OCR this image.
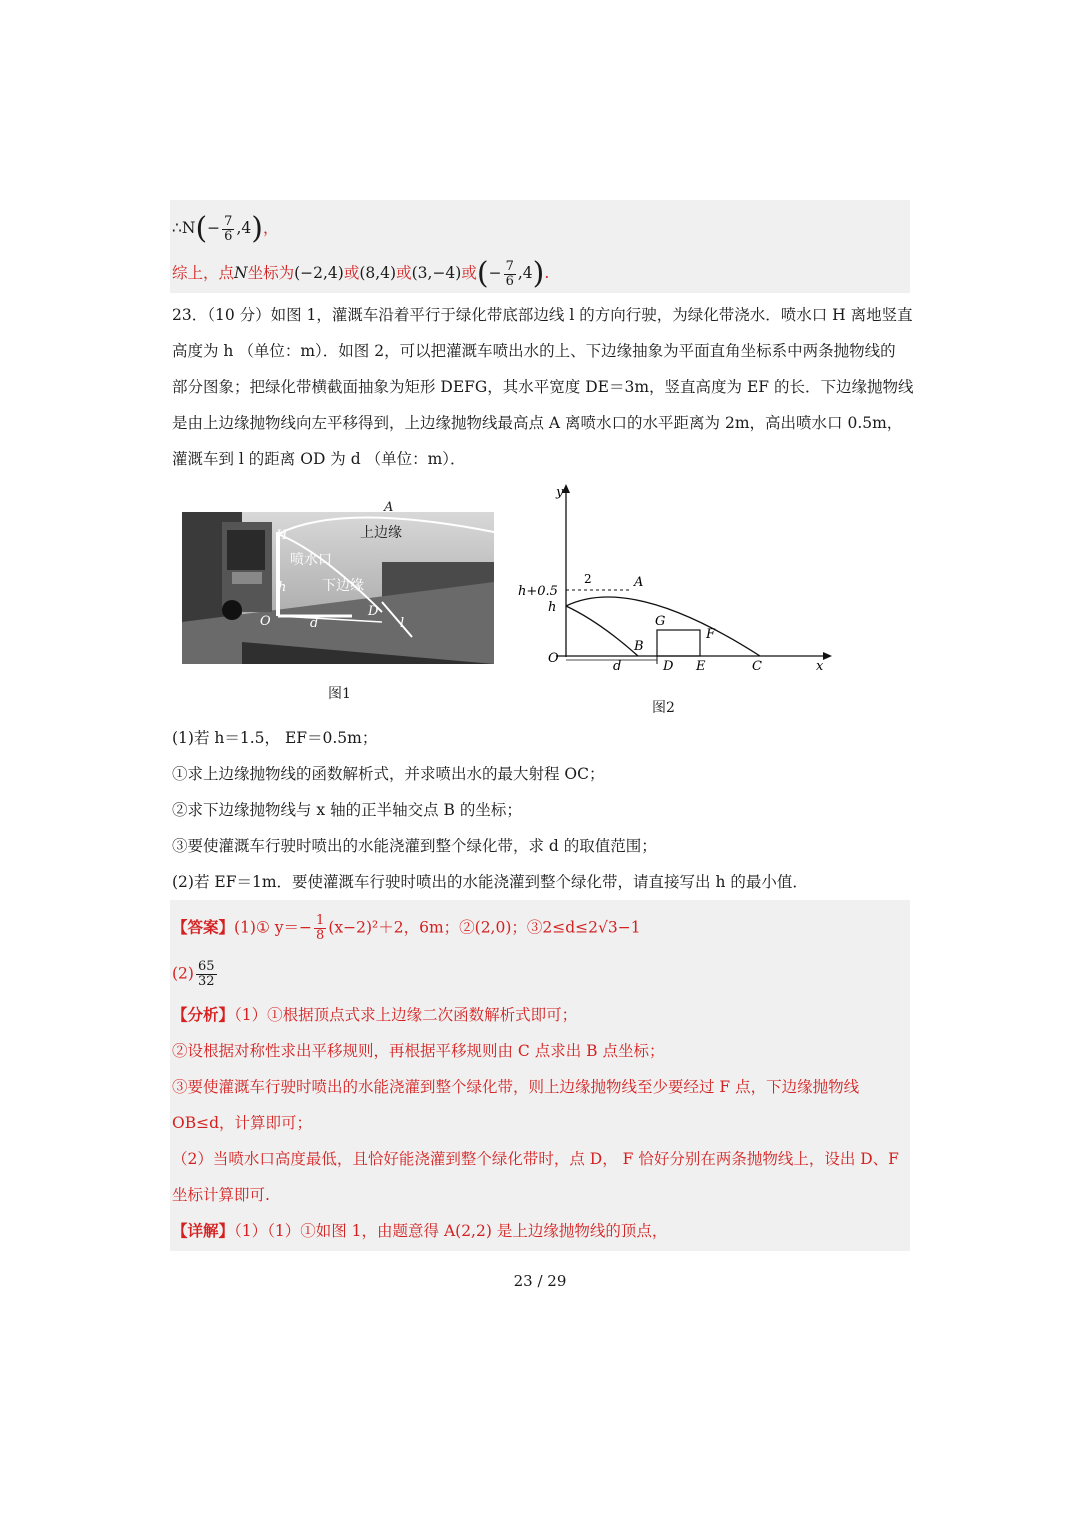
∴N(− $\frac{7}{6} ,4$)，
综上，点N坐标为(−2,4)或(8,4)或(3,−4)或(− $\frac{7}{6} ,4$).
23．（10 分）如图 1，灌溉车沿着平行于绿化带底部边线 l 的方向行驶，为绿化带浇水．喷水口 H 离地竖直
高度为 h （单位：m）．如图 2，可以把灌溉车喷出水的上、下边缘抽象为平面直角坐标系中两条抛物线的
部分图象；把绿化带横截面抽象为矩形 DEFG，其水平宽度 DE＝3m，竖直高度为 EF 的长．下边缘抛物线
是由上边缘抛物线向左平移得到，上边缘抛物线最高点 A 离喷水口的水平距离为 2m，高出喷水口 0.5m，
灌溉车到 l 的距离 OD 为 d （单位：m）．
A
上边缘
H
喷水口
下边缘
h
O	d
D
l
图1
y
x
h+0.5
h
O
2	A
B
d	D E	C
G
F
图2
(1)若 h＝1.5， EF＝0.5m；
①求上边缘抛物线的函数解析式，并求喷出水的最大射程 OC；
②求下边缘抛物线与 x 轴的正半轴交点 B 的坐标；
③要使灌溉车行驶时喷出的水能浇灌到整个绿化带，求 d 的取值范围；
(2)若 EF＝1m．要使灌溉车行驶时喷出的水能浇灌到整个绿化带，请直接写出 h 的最小值．
【答案】(1)① $y=- \frac{1}{8} (x-2)^2+2$，6m；②(2,0)；③2≤d≤2√3−1
$(2) \frac{65}{32}$
【分析】（1）①根据顶点式求上边缘二次函数解析式即可；
②设根据对称性求出平移规则，再根据平移规则由 C 点求出 B 点坐标；
③要使灌溉车行驶时喷出的水能浇灌到整个绿化带，则上边缘抛物线至少要经过 F 点，下边缘抛物线
OB≤d，计算即可；
（2）当喷水口高度最低，且恰好能浇灌到整个绿化带时，点 D， F 恰好分别在两条抛物线上，设出 D、F
坐标计算即可.
【详解】（1）（1）①如图 1，由题意得 A(2,2) 是上边缘抛物线的顶点，
23 / 29
